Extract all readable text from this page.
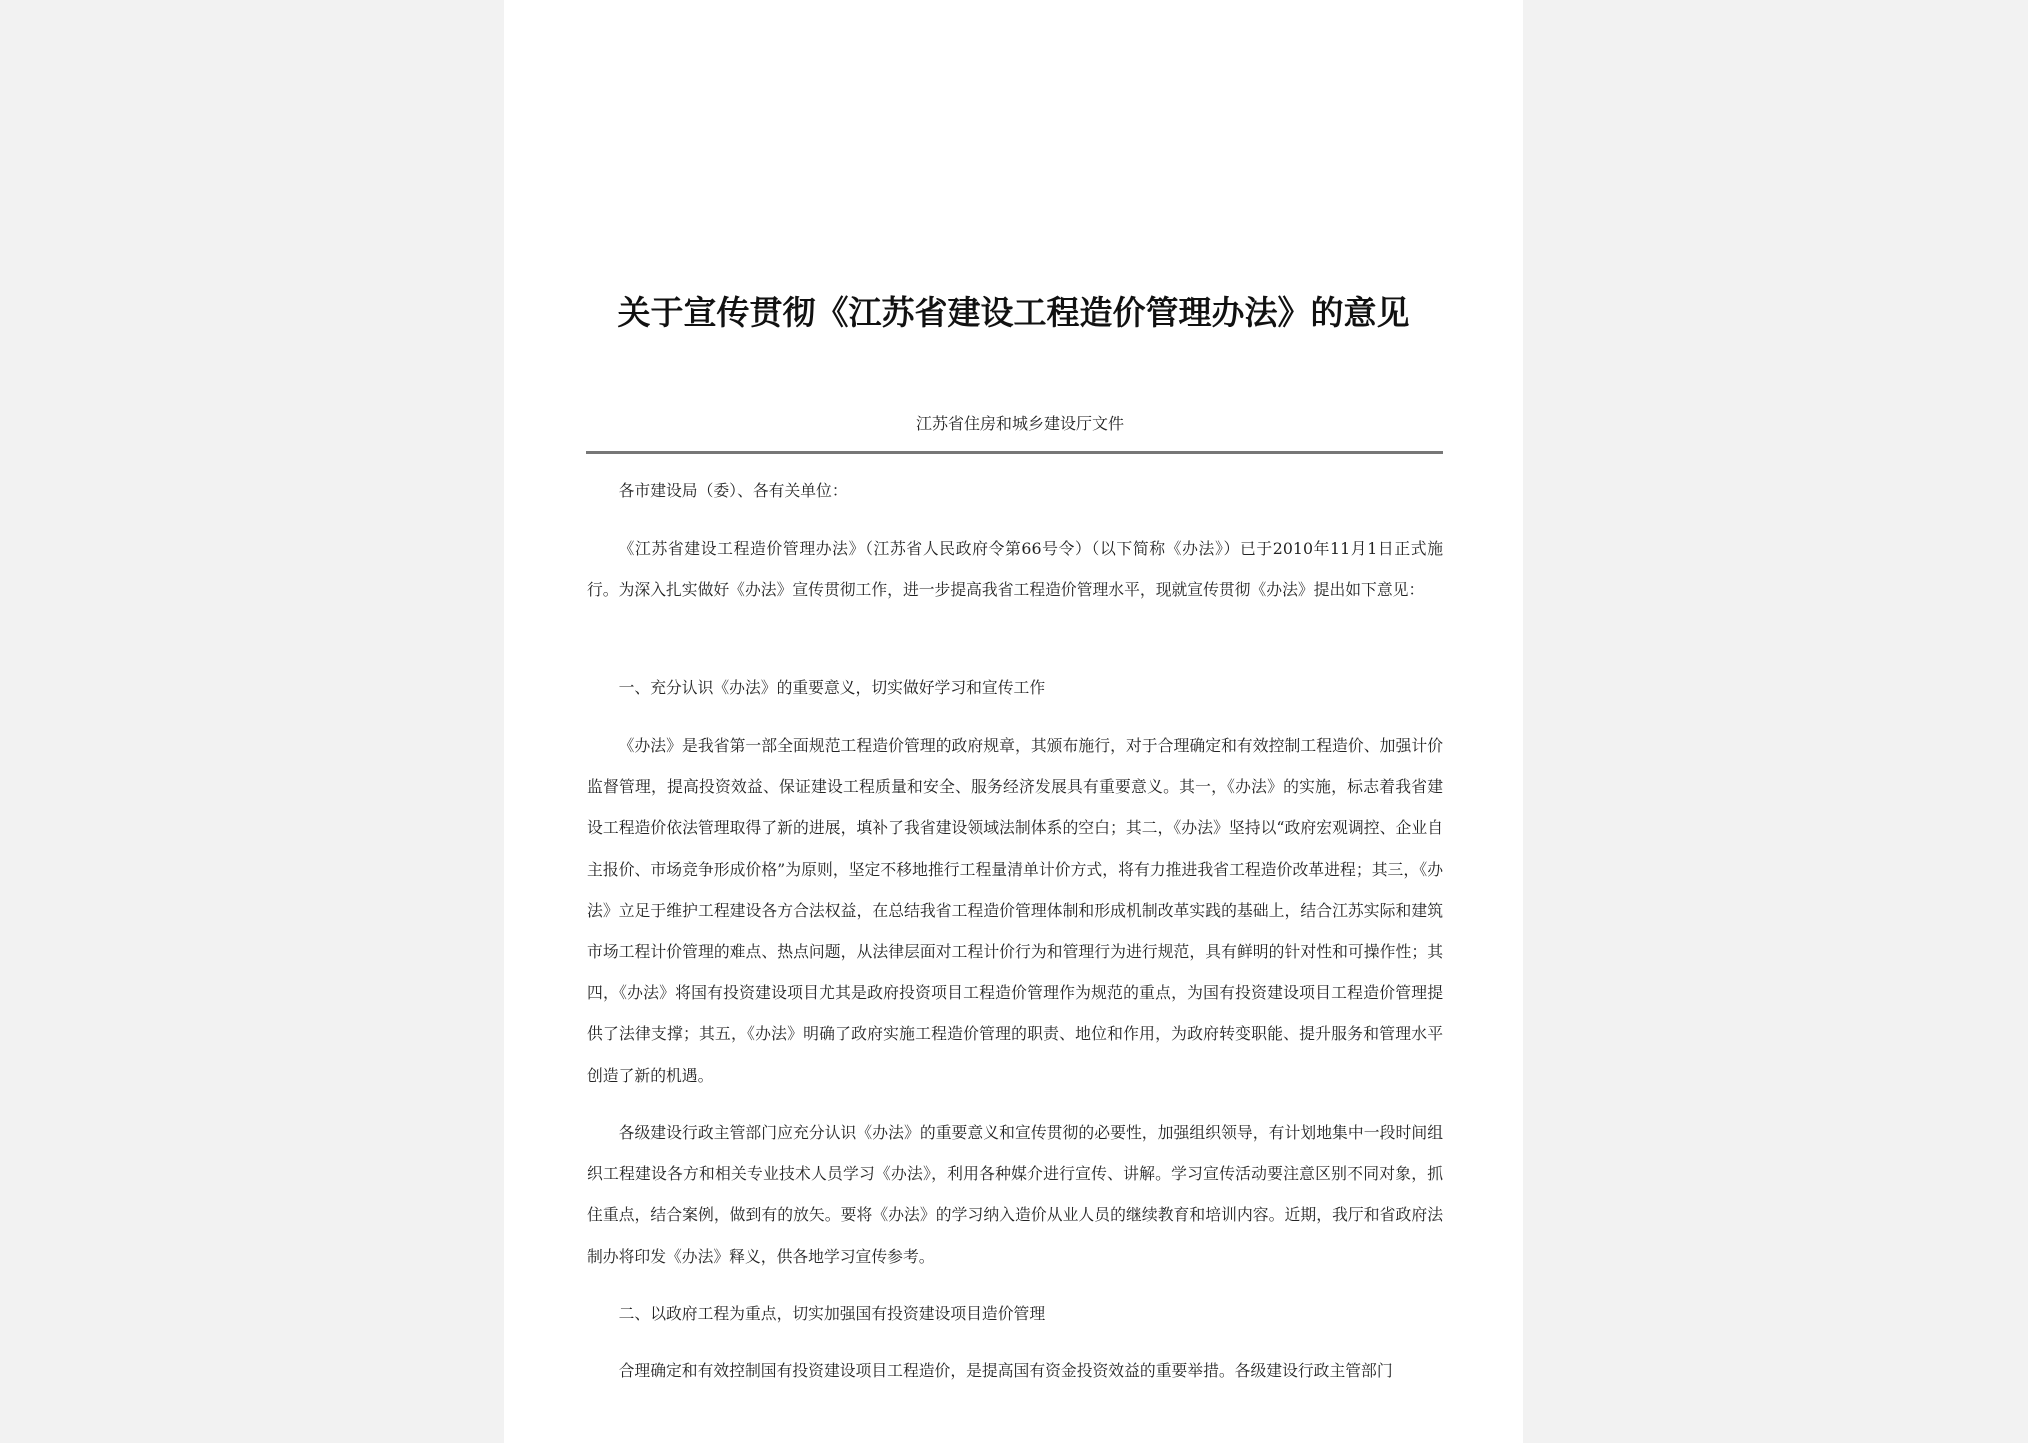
关于宣传贯彻《江苏省建设工程造价管理办法》的意见
江苏省住房和城乡建设厅文件

各市建设局（委）、各有关单位：

《江苏省建设工程造价管理办法》（江苏省人民政府令第66号令）（以下简称《办法》）已于2010年11月1日正式施行。为深入扎实做好《办法》宣传贯彻工作，进一步提高我省工程造价管理水平，现就宣传贯彻《办法》提出如下意见：

一、充分认识《办法》的重要意义，切实做好学习和宣传工作

《办法》是我省第一部全面规范工程造价管理的政府规章，其颁布施行，对于合理确定和有效控制工程造价、加强计价监督管理，提高投资效益、保证建设工程质量和安全、服务经济发展具有重要意义。其一，《办法》的实施，标志着我省建设工程造价依法管理取得了新的进展，填补了我省建设领域法制体系的空白；其二，《办法》坚持以“政府宏观调控、企业自主报价、市场竞争形成价格”为原则，坚定不移地推行工程量清单计价方式，将有力推进我省工程造价改革进程；其三，《办法》立足于维护工程建设各方合法权益，在总结我省工程造价管理体制和形成机制改革实践的基础上，结合江苏实际和建筑市场工程计价管理的难点、热点问题，从法律层面对工程计价行为和管理行为进行规范，具有鲜明的针对性和可操作性；其四，《办法》将国有投资建设项目尤其是政府投资项目工程造价管理作为规范的重点，为国有投资建设项目工程造价管理提供了法律支撑；其五，《办法》明确了政府实施工程造价管理的职责、地位和作用，为政府转变职能、提升服务和管理水平创造了新的机遇。

各级建设行政主管部门应充分认识《办法》的重要意义和宣传贯彻的必要性，加强组织领导，有计划地集中一段时间组织工程建设各方和相关专业技术人员学习《办法》，利用各种媒介进行宣传、讲解。学习宣传活动要注意区别不同对象，抓住重点，结合案例，做到有的放矢。要将《办法》的学习纳入造价从业人员的继续教育和培训内容。近期，我厅和省政府法制办将印发《办法》释义，供各地学习宣传参考。

二、以政府工程为重点，切实加强国有投资建设项目造价管理

合理确定和有效控制国有投资建设项目工程造价，是提高国有资金投资效益的重要举措。各级建设行政主管部门
